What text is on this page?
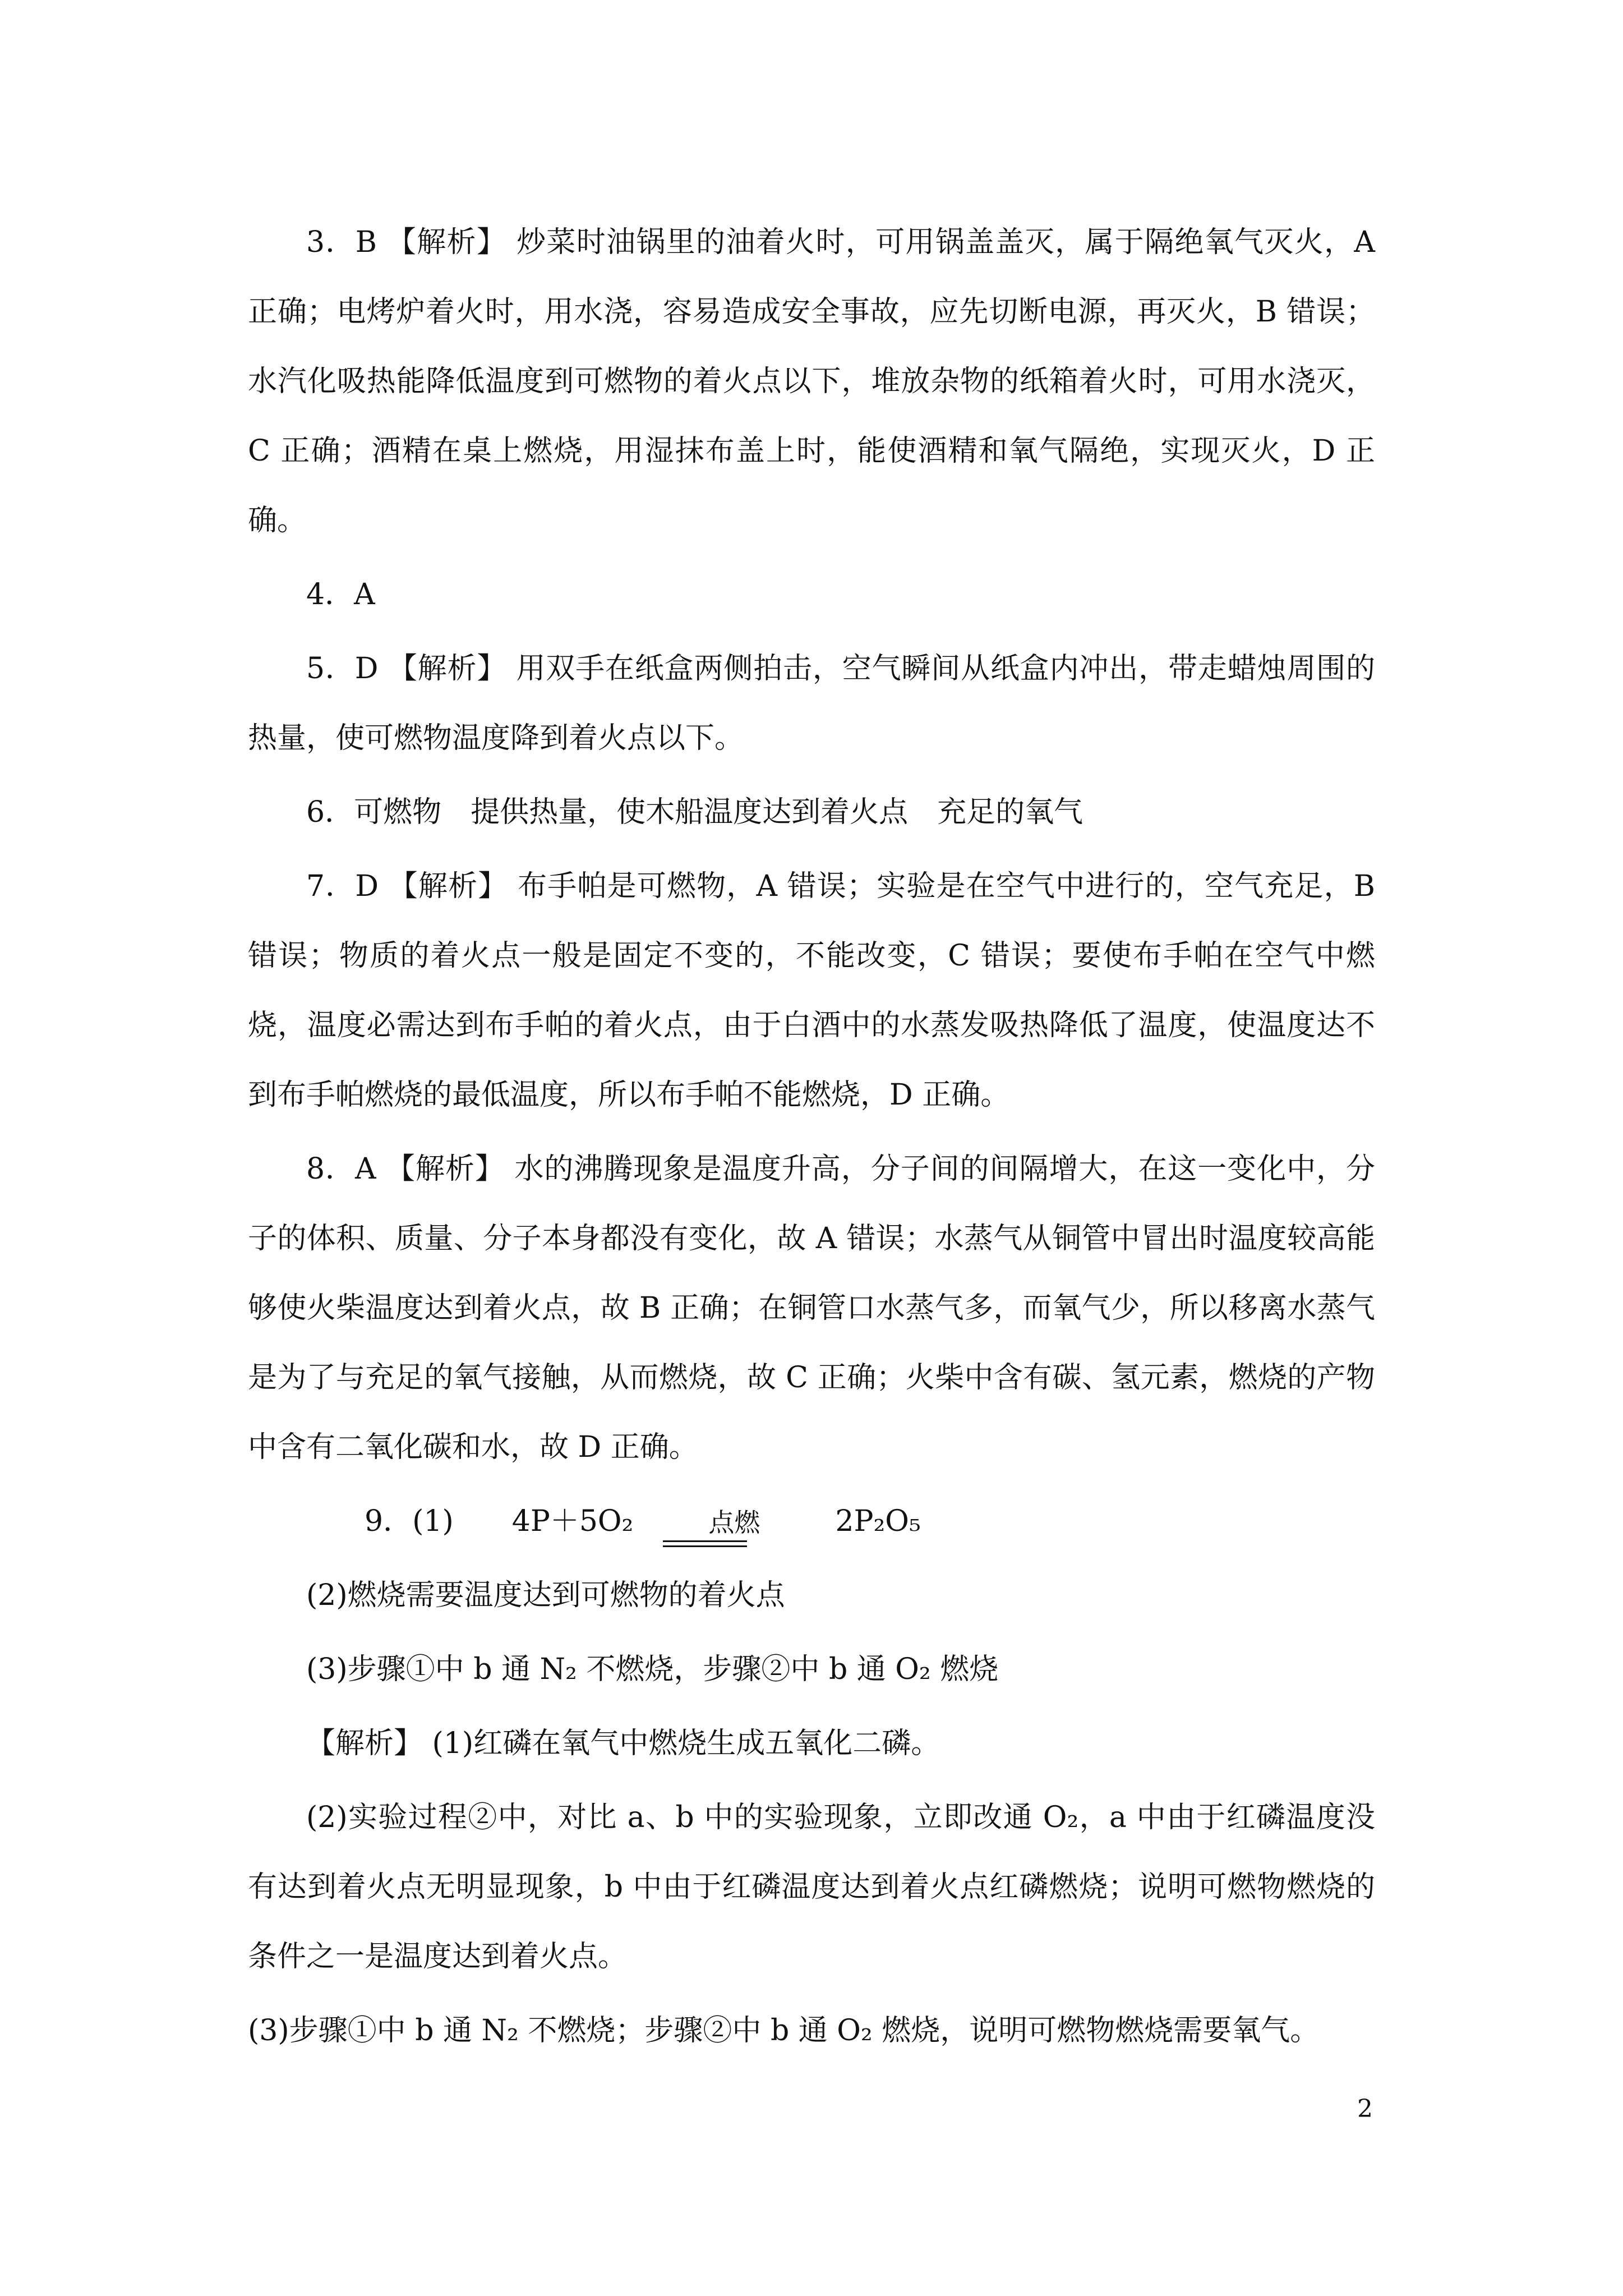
3．B 【解析】 炒菜时油锅里的油着火时，可用锅盖盖灭，属于隔绝氧气灭火，A 正确；电烤炉着火时，用水浇，容易造成安全事故，应先切断电源，再灭火，B 错误；水汽化吸热能降低温度到可燃物的着火点以下，堆放杂物的纸箱着火时，可用水浇灭，C 正确；酒精在桌上燃烧，用湿抹布盖上时，能使酒精和氧气隔绝，实现灭火，D 正确。

4．A

5．D 【解析】 用双手在纸盒两侧拍击，空气瞬间从纸盒内冲出，带走蜡烛周围的热量，使可燃物温度降到着火点以下。

6．可燃物　提供热量，使木船温度达到着火点　充足的氧气

7．D 【解析】 布手帕是可燃物，A 错误；实验是在空气中进行的，空气充足，B 错误；物质的着火点一般是固定不变的，不能改变，C 错误；要使布手帕在空气中燃烧，温度必需达到布手帕的着火点，由于白酒中的水蒸发吸热降低了温度，使温度达不到布手帕燃烧的最低温度，所以布手帕不能燃烧，D 正确。

8．A 【解析】 水的沸腾现象是温度升高，分子间的间隔增大，在这一变化中，分子的体积、质量、分子本身都没有变化，故 A 错误；水蒸气从铜管中冒出时温度较高能够使火柴温度达到着火点，故 B 正确；在铜管口水蒸气多，而氧气少，所以移离水蒸气是为了与充足的氧气接触，从而燃烧，故 C 正确；火柴中含有碳、氢元素，燃烧的产物中含有二氧化碳和水，故 D 正确。

9．(1)	4P＋5O₂	点燃	2P₂O₅

(2)燃烧需要温度达到可燃物的着火点

(3)步骤①中 b 通 N₂ 不燃烧，步骤②中 b 通 O₂ 燃烧

【解析】 (1)红磷在氧气中燃烧生成五氧化二磷。

(2)实验过程②中，对比 a、b 中的实验现象，立即改通 O₂，a 中由于红磷温度没有达到着火点无明显现象，b 中由于红磷温度达到着火点红磷燃烧；说明可燃物燃烧的条件之一是温度达到着火点。

(3)步骤①中 b 通 N₂ 不燃烧；步骤②中 b 通 O₂ 燃烧，说明可燃物燃烧需要氧气。

2
